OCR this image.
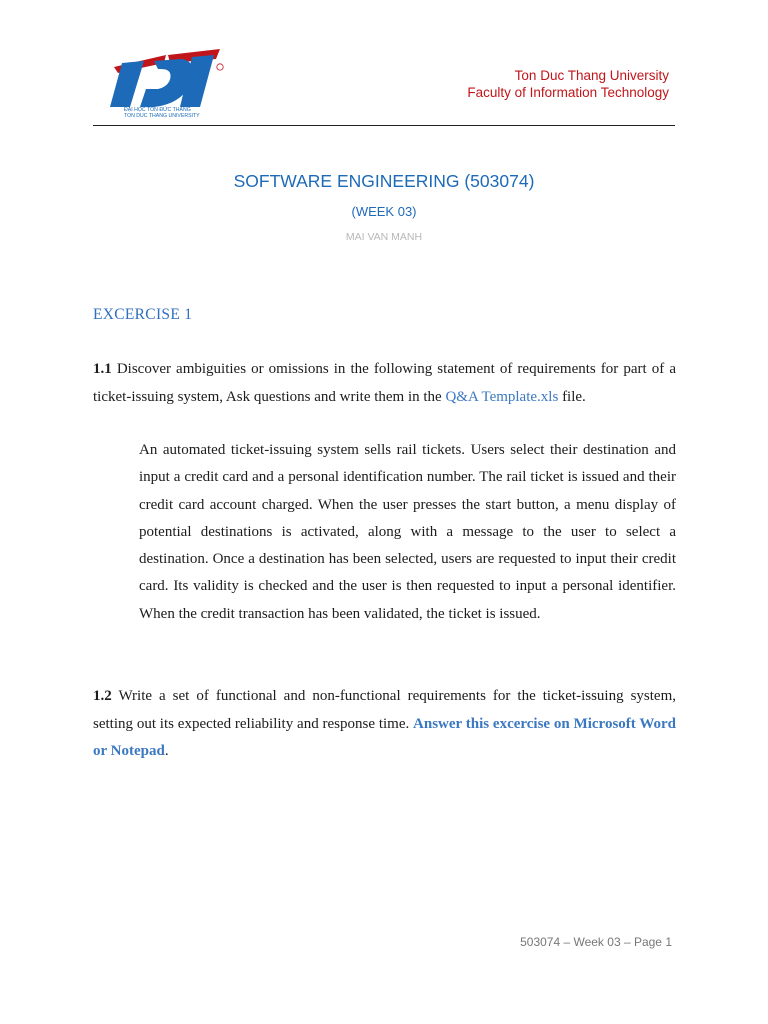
ĐẠI HỌC TÔN ĐỨC THẮNG
TON DUC THANG UNIVERSITY
Ton Duc Thang University
Faculty of Information Technology
SOFTWARE ENGINEERING (503074)
(WEEK 03)
MAI VAN MANH
EXCERCISE 1
1.1 Discover ambiguities or omissions in the following statement of requirements for part of a ticket-issuing system, Ask questions and write them in the Q&A Template.xls file.
An automated ticket-issuing system sells rail tickets. Users select their destination and input a credit card and a personal identification number. The rail ticket is issued and their credit card account charged. When the user presses the start button, a menu display of potential destinations is activated, along with a message to the user to select a destination. Once a destination has been selected, users are requested to input their credit card. Its validity is checked and the user is then requested to input a personal identifier. When the credit transaction has been validated, the ticket is issued.
1.2 Write a set of functional and non-functional requirements for the ticket-issuing system, setting out its expected reliability and response time. Answer this excercise on Microsoft Word or Notepad.
503074 – Week 03 – Page 1
